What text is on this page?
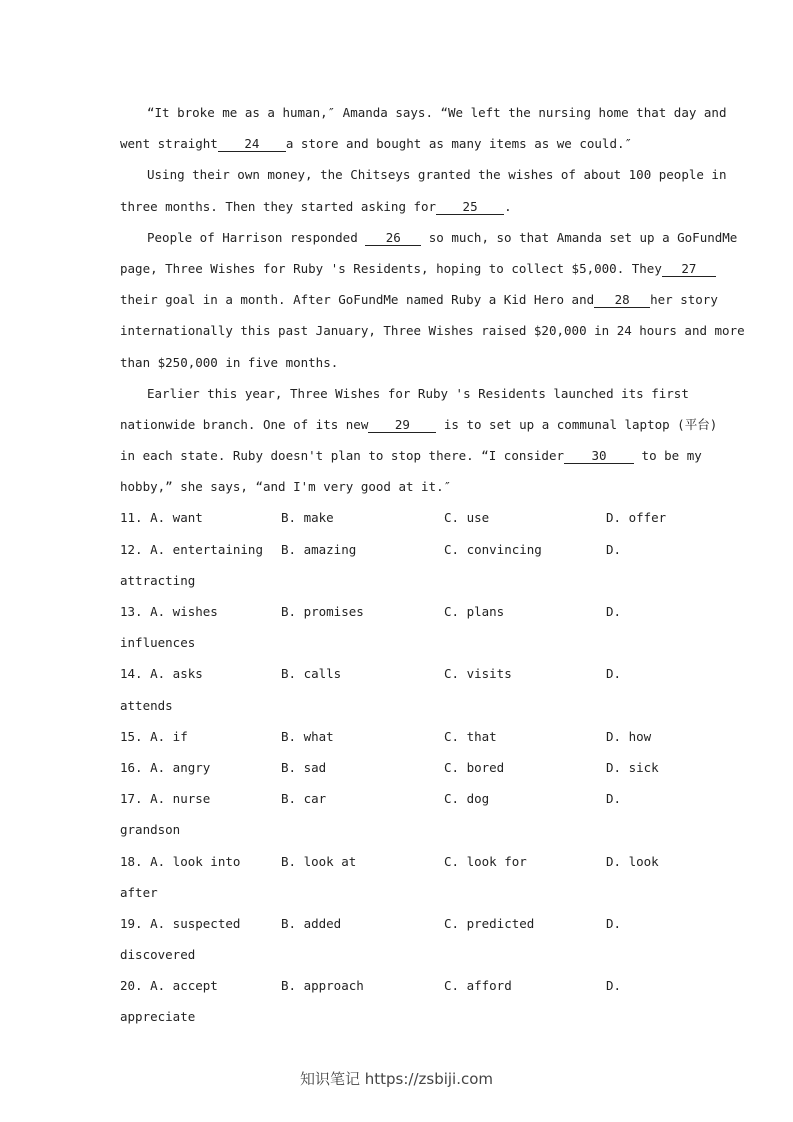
“It broke me as a human,″ Amanda says. “We left the nursing home that day and
went straight 24 a store and bought as many items as we could.″
Using their own money, the Chitseys granted the wishes of about 100 people in
three months. Then they started asking for 25 .
People of Harrison responded 26 so much, so that Amanda set up a GoFundMe
page, Three Wishes for Ruby 's Residents, hoping to collect $5,000. They 27
their goal in a month. After GoFundMe named Ruby a Kid Hero and 28 her story
internationally this past January, Three Wishes raised $20,000 in 24 hours and more
than $250,000 in five months.
Earlier this year, Three Wishes for Ruby 's Residents launched its first
nationwide branch. One of its new 29	is to set up a communal laptop (平台)
in each state. Ruby doesn't plan to stop there. “I consider 30	to be my
hobby,” she says, “and I'm very good at it.″
11. A. want	B. make	C. use	D. offer
12. A. entertaining B. amazing	C. convincing	D.
attracting
13. A. wishes	B. promises	C. plans	D.
influences
14. A. asks	B. calls	C. visits	D.
attends
15. A. if	B. what	C. that	D. how
16. A. angry	B. sad	C. bored	D. sick
17. A. nurse	B. car	C. dog	D.
grandson
18. A. look into	B. look at	C. look for	D. look
after
19. A. suspected	B. added	C. predicted	D.
discovered
20. A. accept	B. approach	C. afford	D.
appreciate
知识笔记 https://zsbiji.com
